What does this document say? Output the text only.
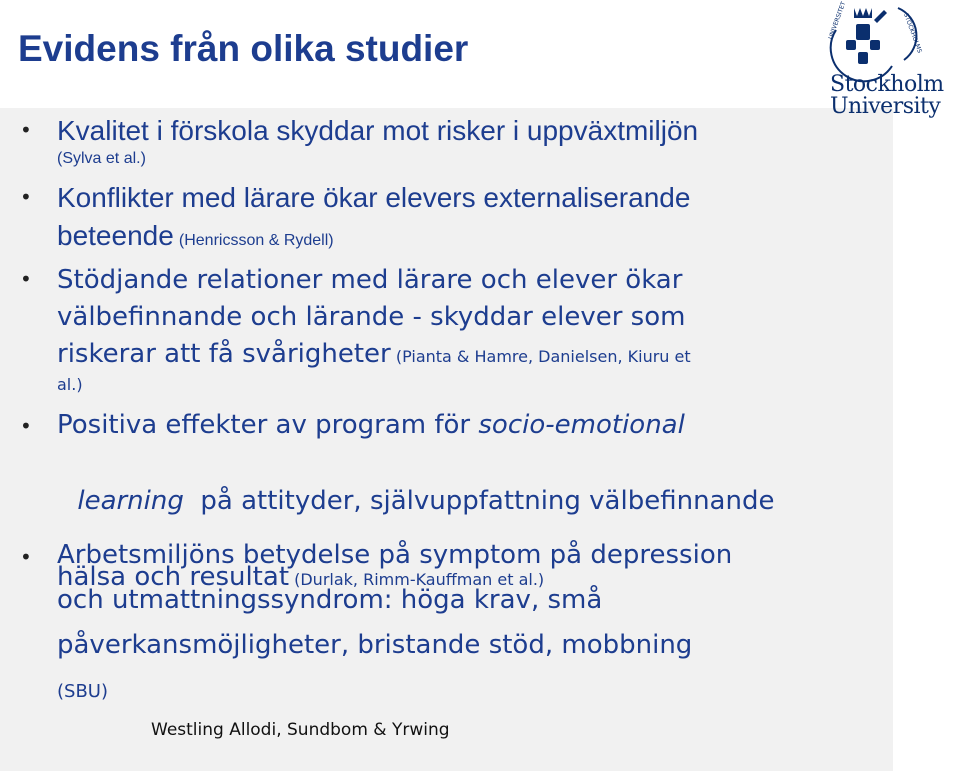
Evidens från olika studier
UNIVERSITET	STOCKHOLMS
Stockholm
University
• Kvalitet i förskola skyddar mot risker i uppväxtmiljön
(Sylva et al.)
• Konflikter med lärare ökar elevers externaliserande
beteende (Henricsson & Rydell)
• Stödjande relationer med lärare och elever ökar
välbefinnande och lärande - skyddar elever som
riskerar att få svårigheter (Pianta & Hamre, Danielsen, Kiuru et
al.)
• Positiva effekter av program för socio-emotional

learning  på attityder, självuppfattning välbefinnande

hälsa och resultat (Durlak, Rimm-Kauffman et al.)
• Arbetsmiljöns betydelse på symptom på depression
och utmattningssyndrom: höga krav, små
påverkansmöjligheter, bristande stöd, mobbning
(SBU)
Westling Allodi, Sundbom & Yrwing
